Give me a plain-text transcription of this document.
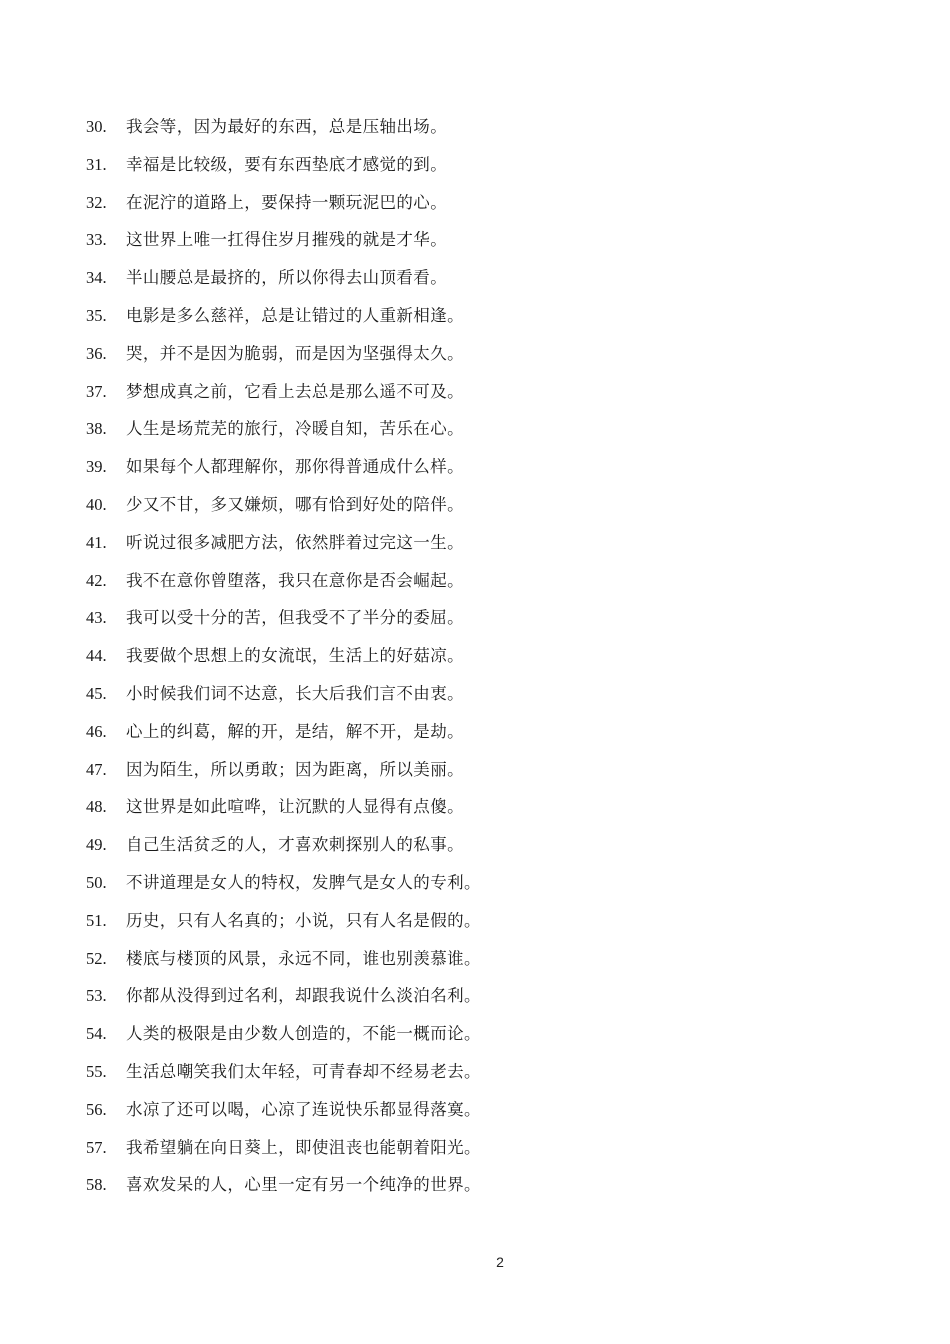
30.	我会等，因为最好的东西，总是压轴出场。
31.	幸福是比较级，要有东西垫底才感觉的到。
32.	在泥泞的道路上，要保持一颗玩泥巴的心。
33.	这世界上唯一扛得住岁月摧残的就是才华。
34.	半山腰总是最挤的，所以你得去山顶看看。
35.	电影是多么慈祥，总是让错过的人重新相逢。
36.	哭，并不是因为脆弱，而是因为坚强得太久。
37.	梦想成真之前，它看上去总是那么遥不可及。
38.	人生是场荒芜的旅行，冷暖自知，苦乐在心。
39.	如果每个人都理解你，那你得普通成什么样。
40.	少又不甘，多又嫌烦，哪有恰到好处的陪伴。
41.	听说过很多减肥方法，依然胖着过完这一生。
42.	我不在意你曾堕落，我只在意你是否会崛起。
43.	我可以受十分的苦，但我受不了半分的委屈。
44.	我要做个思想上的女流氓，生活上的好菇凉。
45.	小时候我们词不达意，长大后我们言不由衷。
46.	心上的纠葛，解的开，是结，解不开，是劫。
47.	因为陌生，所以勇敢；因为距离，所以美丽。
48.	这世界是如此喧哗，让沉默的人显得有点傻。
49.	自己生活贫乏的人，才喜欢刺探别人的私事。
50.	不讲道理是女人的特权，发脾气是女人的专利。
51.	历史，只有人名真的；小说，只有人名是假的。
52.	楼底与楼顶的风景，永远不同，谁也别羡慕谁。
53.	你都从没得到过名利，却跟我说什么淡泊名利。
54.	人类的极限是由少数人创造的，不能一概而论。
55.	生活总嘲笑我们太年轻，可青春却不经易老去。
56.	水凉了还可以喝，心凉了连说快乐都显得落寞。
57.	我希望躺在向日葵上，即使沮丧也能朝着阳光。
58.	喜欢发呆的人，心里一定有另一个纯净的世界。
2
